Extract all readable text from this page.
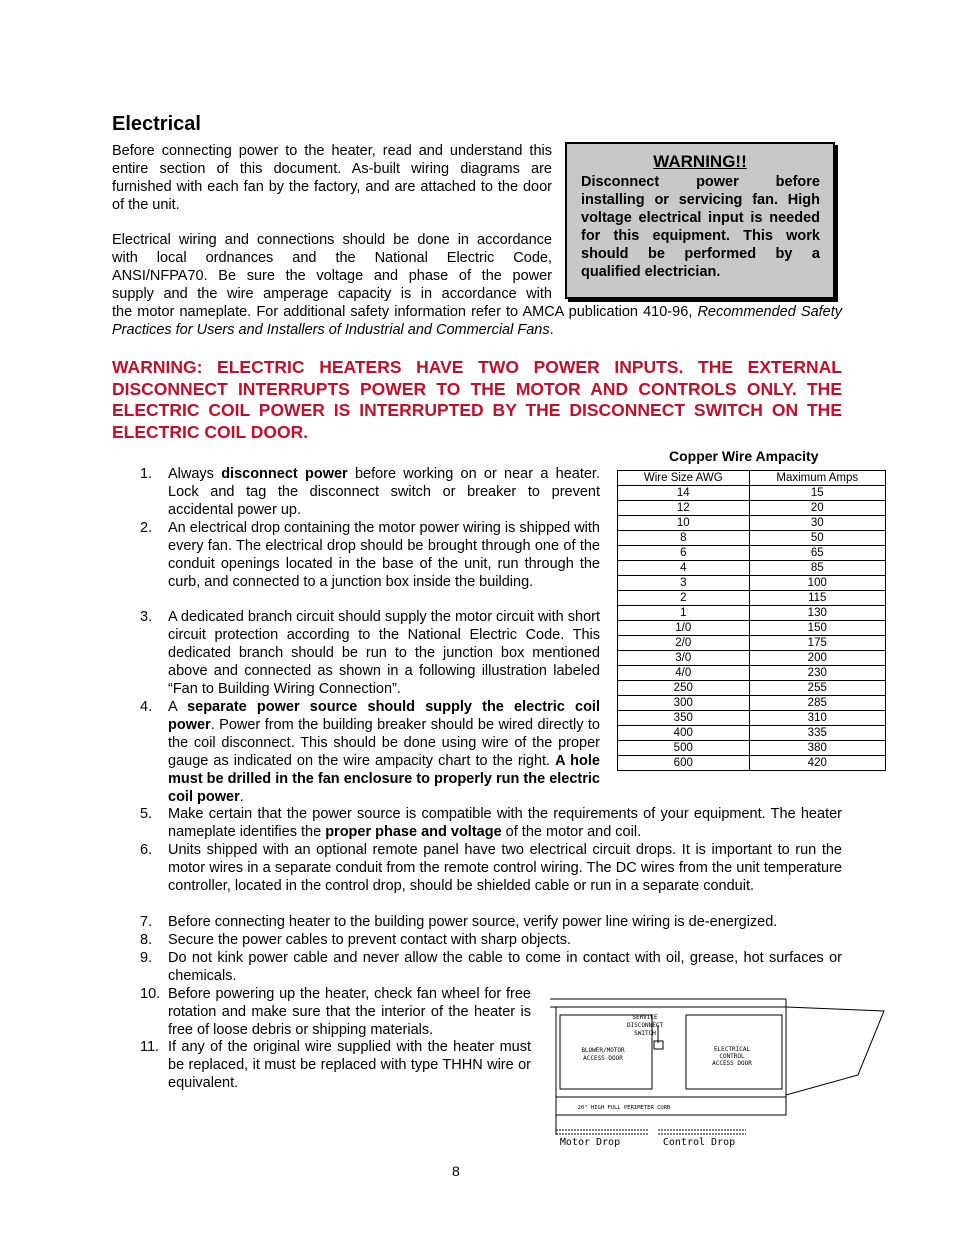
Electrical
Before connecting power to the heater, read and understand this entire section of this document. As-built wiring diagrams are furnished with each fan by the factory, and are attached to the door of the unit.
Electrical wiring and connections should be done in accordance
with local ordnances and the National Electric Code,
ANSI/NFPA70. Be sure the voltage and phase of the power
supply and the wire amperage capacity is in accordance with
the motor nameplate. For additional safety information refer to AMCA publication 410-96, Recommended Safety Practices for Users and Installers of Industrial and Commercial Fans.
WARNING!!
Disconnect power before installing or servicing fan. High voltage electrical input is needed for this equipment. This work should be performed by a qualified electrician.
WARNING: ELECTRIC HEATERS HAVE TWO POWER INPUTS. THE EXTERNAL DISCONNECT INTERRUPTS POWER TO THE MOTOR AND CONTROLS ONLY. THE ELECTRIC COIL POWER IS INTERRUPTED BY THE DISCONNECT SWITCH ON THE ELECTRIC COIL DOOR.
Copper Wire Ampacity
Wire Size AWG	Maximum Amps
14	15
12	20
10	30
8	50
6	65
4	85
3	100
2	115
1	130
1/0	150
2/0	175
3/0	200
4/0	230
250	255
300	285
350	310
400	335
500	380
600	420
1. Always disconnect power before working on or near a heater. Lock and tag the disconnect switch or breaker to prevent accidental power up.
2. An electrical drop containing the motor power wiring is shipped with every fan. The electrical drop should be brought through one of the conduit openings located in the base of the unit, run through the curb, and connected to a junction box inside the building.
3. A dedicated branch circuit should supply the motor circuit with short circuit protection according to the National Electric Code. This dedicated branch should be run to the junction box mentioned above and connected as shown in a following illustration labeled “Fan to Building Wiring Connection”.
4. A separate power source should supply the electric coil power. Power from the building breaker should be wired directly to the coil disconnect. This should be done using wire of the proper gauge as indicated on the wire ampacity chart to the right. A hole must be drilled in the fan enclosure to properly run the electric coil power.
5. Make certain that the power source is compatible with the requirements of your equipment. The heater nameplate identifies the proper phase and voltage of the motor and coil.
6. Units shipped with an optional remote panel have two electrical circuit drops. It is important to run the motor wires in a separate conduit from the remote control wiring. The DC wires from the unit temperature controller, located in the control drop, should be shielded cable or run in a separate conduit.
7. Before connecting heater to the building power source, verify power line wiring is de-energized.
8. Secure the power cables to prevent contact with sharp objects.
9. Do not kink power cable and never allow the cable to come in contact with oil, grease, hot surfaces or chemicals.
10. Before powering up the heater, check fan wheel for free rotation and make sure that the interior of the heater is free of loose debris or shipping materials.
11. If any of the original wire supplied with the heater must be replaced, it must be replaced with type THHN wire or equivalent.
SERVICE
DISCONNECT
SWITCH
BLOWER/MOTOR
ACCESS DOOR
ELECTRICAL
CONTROL
ACCESS DOOR
20" HIGH FULL PERIMETER CURB
Motor Drop	Control Drop
8
